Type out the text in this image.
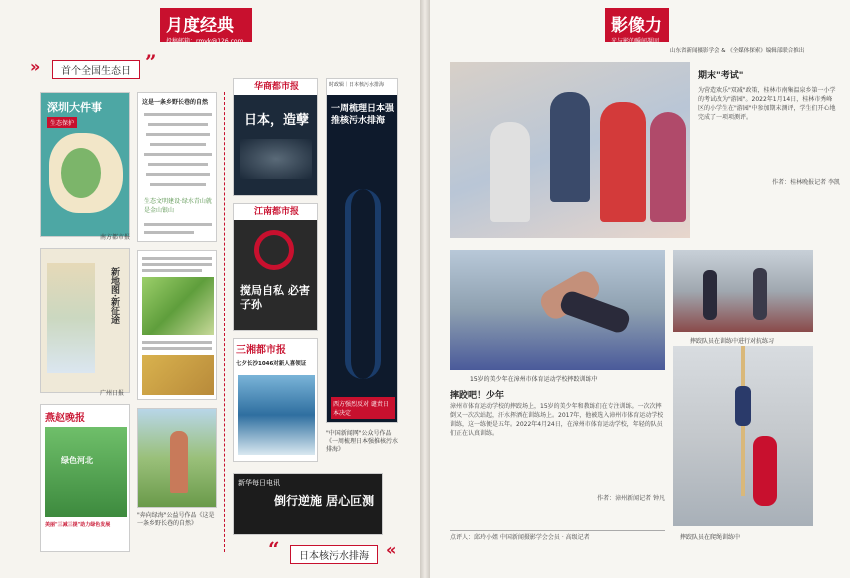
月度经典
投稿邮箱：rmyk@126.com
»	首个全国生态日 ”
深圳大件事
生态保护
南方都市报
新地图·新征途
广州日报
燕赵晚报
绿色河北
美丽"三减三提"助力绿色发展
这是一条乡野长巷的自然
生态文明建设·绿水青山就是金山银山
"奔向绿海"公益号作品《这是一条乡野长巷的自然》
华商都市报
日本，造孽
江南都市报
搅局自私 必害子孙
三湘都市报
七夕长沙1046对新人喜领证
新华每日电讯
倒行逆施 居心叵测
时政辑｜日本核污水排海
一周梳理日本强推核污水排海
西方强烈反对 谴责日本决定
"中国新闻网"公众号作品《一周梳理日本强推核污水排海》
“	日本核污水排海	«
影像力
光与影的瞬间凝固
山东省新闻摄影学会 & 《全媒体探索》编辑部联合推出
期末"考试"
为营造欢乐"双减"政策，桂林市南集温泉乡第一小学的考试改为"游园"。2022年1月14日，桂林市秀峰区的小学生在"游园"中参加期末测评，学生们开心地完成了一项项测评。
作者：桂林晚报记者 李凯
15岁的美少年在漳州市体育运动学校摔跤训练中
摔跤队员在训练中进行对抗练习
摔跤队员在爬绳训练中
摔跤吧！少年
漳州市体育运动学校的摔跤场上，15岁的美少年和教练们在专注训练。一次次摔倒又一次次站起，汗水挥洒在训练场上。2017年，他被选入漳州市体育运动学校训练，这一练便是五年。2022年4月24日，在漳州市体育运动学校，年轻的队员们正在认真训练。
作者：漳州新闻记者 钟凡
点评人：邱玲小姐 中国新闻摄影学会会员 · 高级记者
